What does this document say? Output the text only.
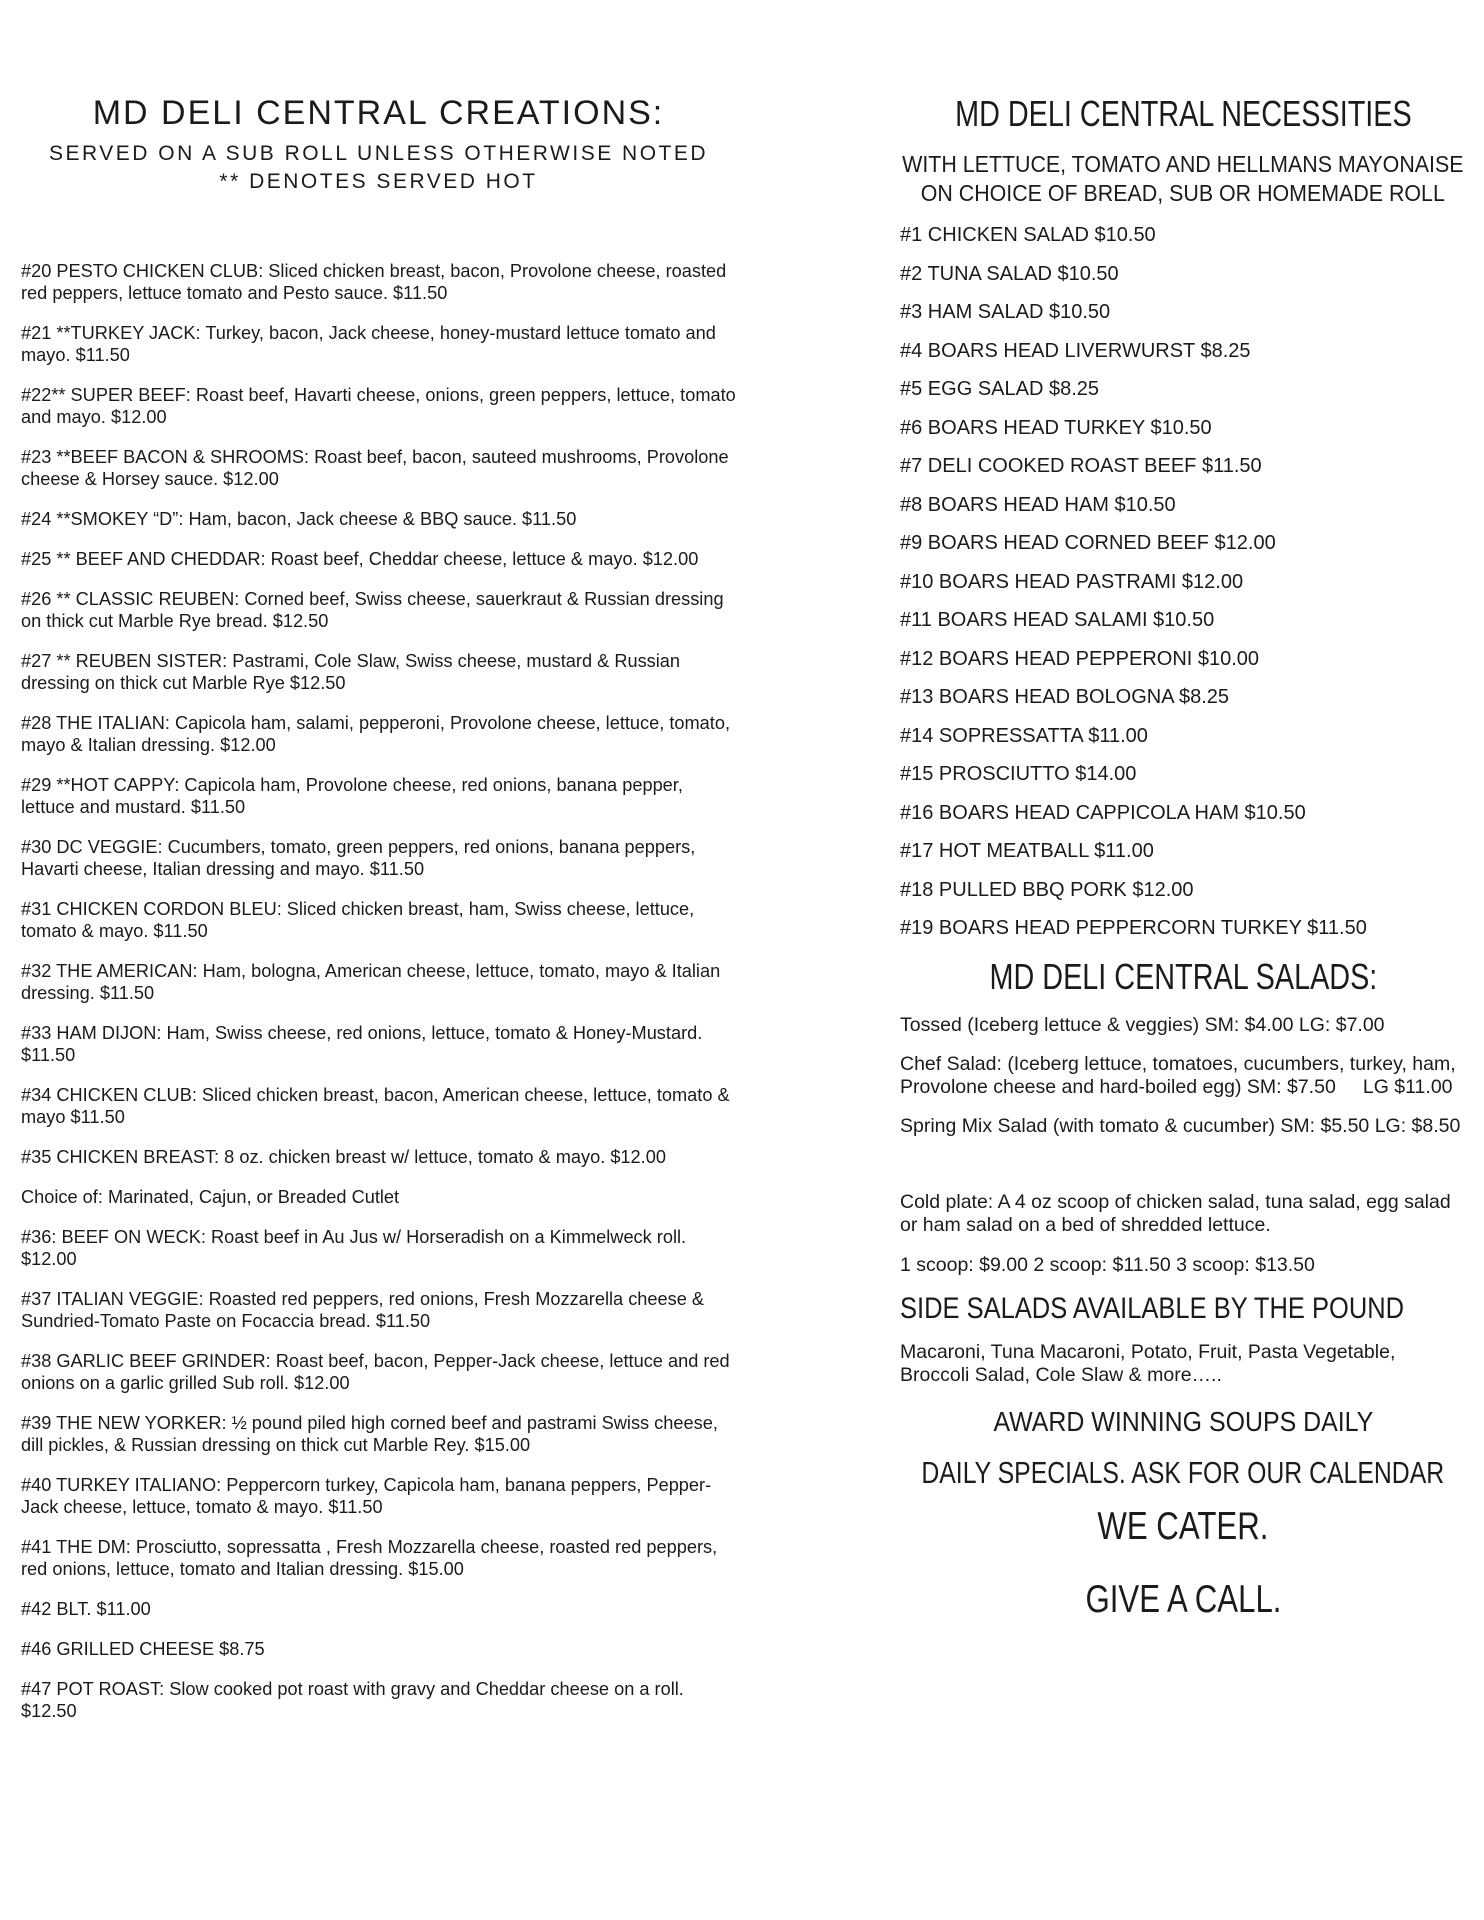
MD DELI CENTRAL CREATIONS:
SERVED ON A SUB ROLL UNLESS OTHERWISE NOTED
** DENOTES SERVED HOT

#20 PESTO CHICKEN CLUB: Sliced chicken breast, bacon, Provolone cheese, roasted red peppers, lettuce tomato and Pesto sauce. $11.50

#21 **TURKEY JACK: Turkey, bacon, Jack cheese, honey-mustard lettuce tomato and mayo. $11.50

#22** SUPER BEEF: Roast beef, Havarti cheese, onions, green peppers, lettuce, tomato and mayo. $12.00

#23 **BEEF BACON & SHROOMS: Roast beef, bacon, sauteed mushrooms, Provolone cheese & Horsey sauce. $12.00

#24 **SMOKEY “D”: Ham, bacon, Jack cheese & BBQ sauce. $11.50

#25 ** BEEF AND CHEDDAR: Roast beef, Cheddar cheese, lettuce & mayo. $12.00

#26 ** CLASSIC REUBEN: Corned beef, Swiss cheese, sauerkraut & Russian dressing on thick cut Marble Rye bread. $12.50

#27 ** REUBEN SISTER: Pastrami, Cole Slaw, Swiss cheese, mustard & Russian dressing on thick cut Marble Rye $12.50

#28 THE ITALIAN: Capicola ham, salami, pepperoni, Provolone cheese, lettuce, tomato, mayo & Italian dressing. $12.00

#29 **HOT CAPPY: Capicola ham, Provolone cheese, red onions, banana pepper, lettuce and mustard. $11.50

#30 DC VEGGIE: Cucumbers, tomato, green peppers, red onions, banana peppers, Havarti cheese, Italian dressing and mayo. $11.50

#31 CHICKEN CORDON BLEU: Sliced chicken breast, ham, Swiss cheese, lettuce, tomato & mayo. $11.50

#32 THE AMERICAN: Ham, bologna, American cheese, lettuce, tomato, mayo & Italian dressing. $11.50

#33 HAM DIJON: Ham, Swiss cheese, red onions, lettuce, tomato & Honey-Mustard. $11.50

#34 CHICKEN CLUB: Sliced chicken breast, bacon, American cheese, lettuce, tomato & mayo $11.50

#35 CHICKEN BREAST: 8 oz. chicken breast w/ lettuce, tomato & mayo. $12.00

Choice of: Marinated, Cajun, or Breaded Cutlet

#36: BEEF ON WECK: Roast beef in Au Jus w/ Horseradish on a Kimmelweck roll. $12.00

#37 ITALIAN VEGGIE: Roasted red peppers, red onions, Fresh Mozzarella cheese & Sundried-Tomato Paste on Focaccia bread. $11.50

#38 GARLIC BEEF GRINDER: Roast beef, bacon, Pepper-Jack cheese, lettuce and red onions on a garlic grilled Sub roll. $12.00

#39 THE NEW YORKER: ½ pound piled high corned beef and pastrami Swiss cheese, dill pickles, & Russian dressing on thick cut Marble Rey. $15.00

#40 TURKEY ITALIANO: Peppercorn turkey, Capicola ham, banana peppers, Pepper-Jack cheese, lettuce, tomato & mayo. $11.50

#41 THE DM: Prosciutto, sopressatta , Fresh Mozzarella cheese, roasted red peppers, red onions, lettuce, tomato and Italian dressing. $15.00

#42 BLT. $11.00

#46 GRILLED CHEESE $8.75

#47 POT ROAST: Slow cooked pot roast with gravy and Cheddar cheese on a roll. $12.50

MD DELI CENTRAL NECESSITIES
WITH LETTUCE, TOMATO AND HELLMANS MAYONAISE
ON CHOICE OF BREAD, SUB OR HOMEMADE ROLL

#1 CHICKEN SALAD $10.50

#2 TUNA SALAD $10.50

#3 HAM SALAD $10.50

#4 BOARS HEAD LIVERWURST $8.25

#5 EGG SALAD $8.25

#6 BOARS HEAD TURKEY $10.50

#7 DELI COOKED ROAST BEEF $11.50

#8 BOARS HEAD HAM $10.50

#9 BOARS HEAD CORNED BEEF $12.00

#10 BOARS HEAD PASTRAMI $12.00

#11 BOARS HEAD SALAMI $10.50

#12 BOARS HEAD PEPPERONI $10.00

#13 BOARS HEAD BOLOGNA $8.25

#14 SOPRESSATTA $11.00

#15 PROSCIUTTO $14.00

#16 BOARS HEAD CAPPICOLA HAM $10.50

#17 HOT MEATBALL $11.00

#18 PULLED BBQ PORK $12.00

#19 BOARS HEAD PEPPERCORN TURKEY $11.50

MD DELI CENTRAL SALADS:

Tossed (Iceberg lettuce & veggies) SM: $4.00 LG: $7.00

Chef Salad: (Iceberg lettuce, tomatoes, cucumbers, turkey, ham, Provolone cheese and hard-boiled egg) SM: $7.50     LG $11.00

Spring Mix Salad (with tomato & cucumber) SM: $5.50 LG: $8.50

Cold plate: A 4 oz scoop of chicken salad, tuna salad, egg salad or ham salad on a bed of shredded lettuce.

1 scoop: $9.00 2 scoop: $11.50 3 scoop: $13.50

SIDE SALADS AVAILABLE BY THE POUND

Macaroni, Tuna Macaroni, Potato, Fruit, Pasta Vegetable, Broccoli Salad, Cole Slaw & more…..

AWARD WINNING SOUPS DAILY
DAILY SPECIALS. ASK FOR OUR CALENDAR
WE CATER.
GIVE A CALL.
